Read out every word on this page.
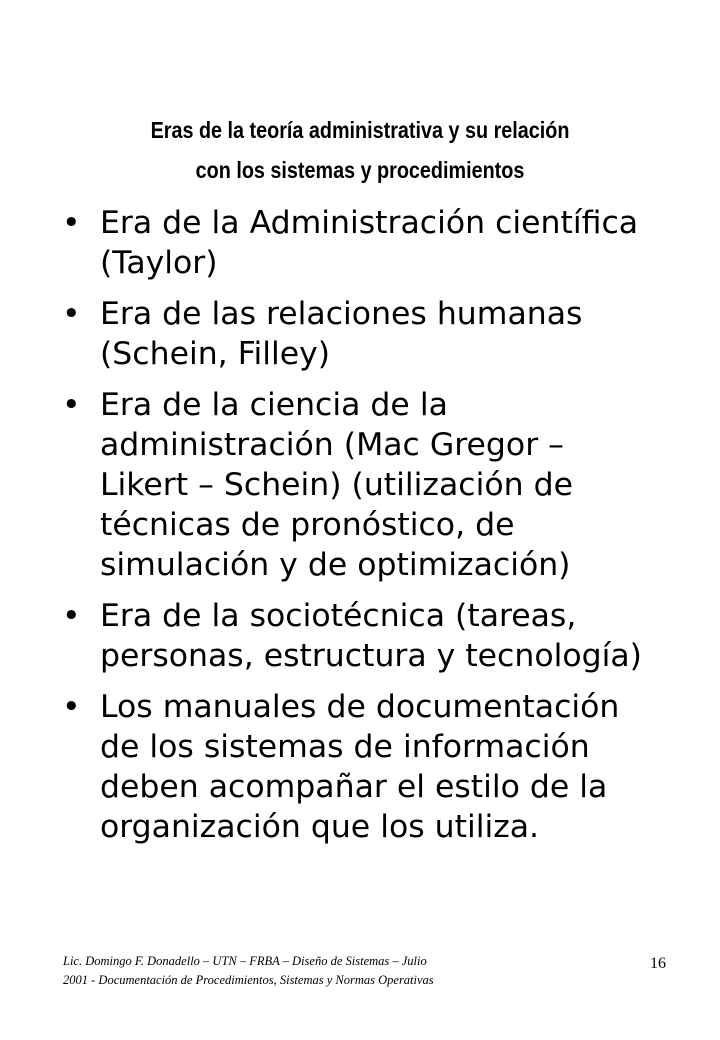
Eras de la teoría administrativa y su relación
con los sistemas y procedimientos
• Era de la Administración científica
(Taylor)
• Era de las relaciones humanas
(Schein, Filley)
• Era de la ciencia de la
administración (Mac Gregor –
Likert – Schein) (utilización de
técnicas de pronóstico, de
simulación y de optimización)
• Era de la sociotécnica (tareas,
personas, estructura y tecnología)
• Los manuales de documentación
de los sistemas de información
deben acompañar el estilo de la
organización que los utiliza.
Lic. Domingo F. Donadello – UTN – FRBA – Diseño de Sistemas – Julio
2001 - Documentación de Procedimientos, Sistemas y Normas Operativas
16
